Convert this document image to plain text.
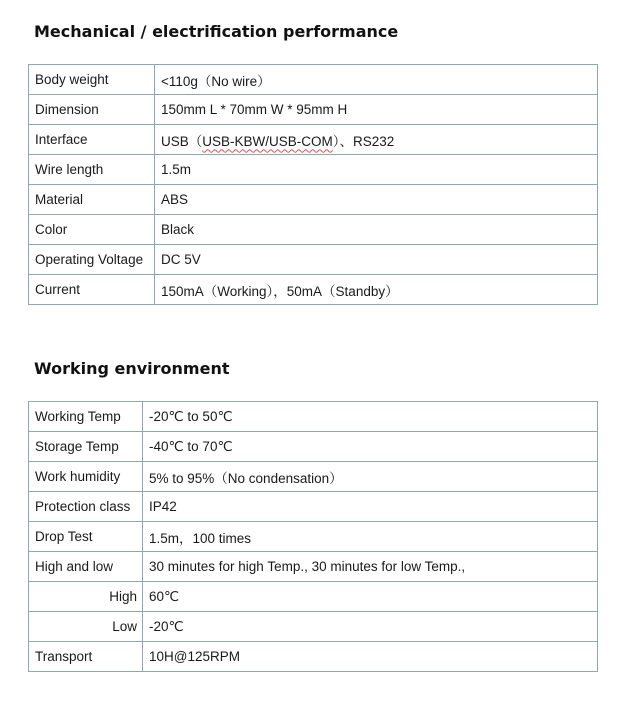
Mechanical / electrification performance
Body weight	<110g（No wire）
Dimension	150mm L * 70mm W * 95mm H
Interface	USB（USB-KBW/USB-COM）、RS232
Wire length	1.5m
Material	ABS
Color	Black
Operating Voltage	DC 5V
Current	150mA（Working），50mA（Standby）
Working environment
Working Temp	-20℃ to 50℃
Storage Temp	-40℃ to 70℃
Work humidity	5% to 95%（No condensation）
Protection class	IP42
Drop Test	1.5m，100 times
High and low	30 minutes for high Temp., 30 minutes for low Temp.,
High	60℃
Low	-20℃
Transport	10H@125RPM
